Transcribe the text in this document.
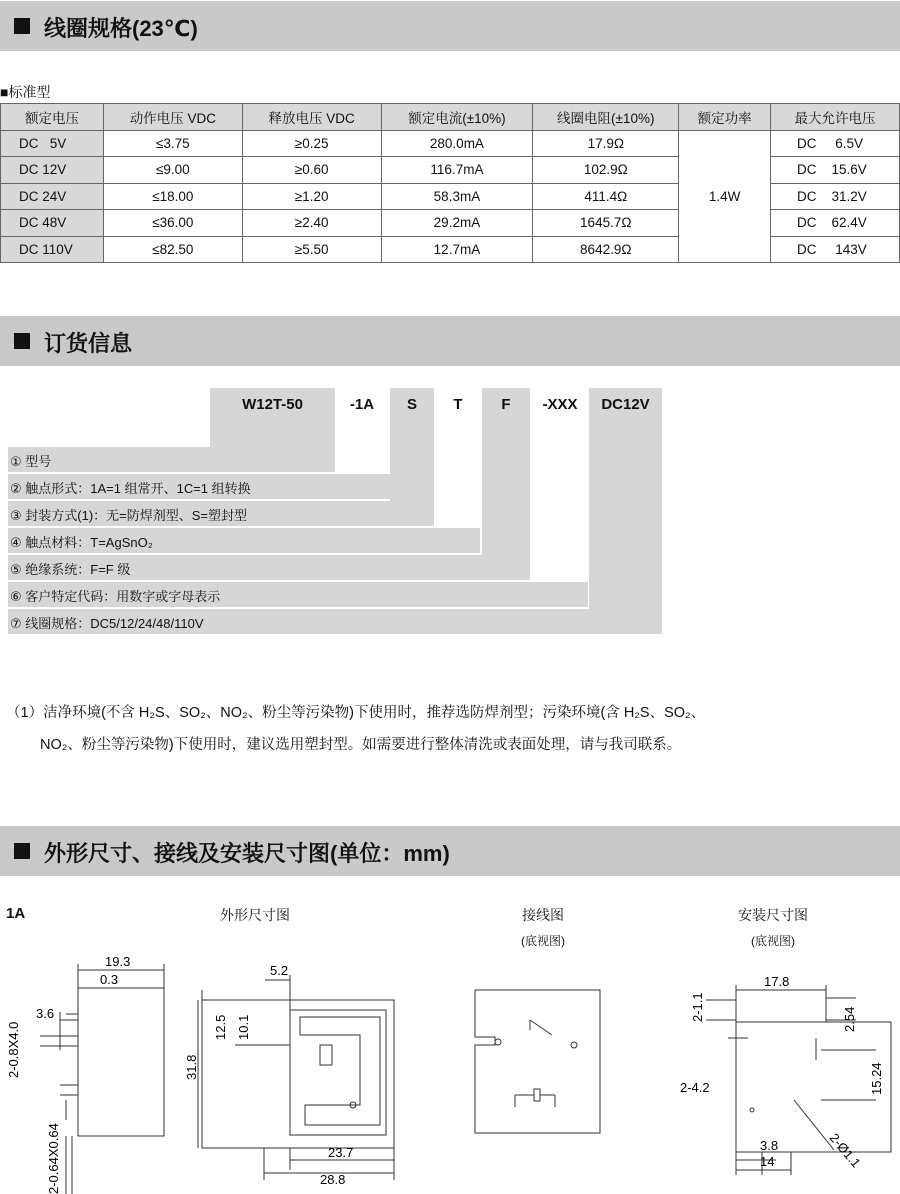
线圈规格(23℃)
■标准型
额定电压	动作电压 VDC	释放电压 VDC	额定电流(±10%)	线圈电阻(±10%)	额定功率	最大允许电压
DC   5V	≤3.75	≥0.25	280.0mA	17.9Ω	1.4W	DC     6.5V
DC 12V	≤9.00	≥0.60	116.7mA	102.9Ω		DC    15.6V
DC 24V	≤18.00	≥1.20	58.3mA	411.4Ω		DC    31.2V
DC 48V	≤36.00	≥2.40	29.2mA	1645.7Ω		DC    62.4V
DC 110V	≤82.50	≥5.50	12.7mA	8642.9Ω		DC     143V
订货信息
W12T-50	-1A	S	T	F	-XXX	DC12V
① 型号
② 触点形式：1A=1 组常开、1C=1 组转换
③ 封装方式(1)：无=防焊剂型、S=塑封型
④ 触点材料：T=AgSnO₂
⑤ 绝缘系统：F=F 级
⑥ 客户特定代码：用数字或字母表示
⑦ 线圈规格：DC5/12/24/48/110V
（1）洁净环境(不含 H₂S、SO₂、NO₂、粉尘等污染物)下使用时，推荐选防焊剂型；污染环境(含 H₂S、SO₂、
NO₂、粉尘等污染物)下使用时，建议选用塑封型。如需要进行整体清洗或表面处理，请与我司联系。
外形尺寸、接线及安装尺寸图(单位：mm)
1A	外形尺寸图	接线图
(底视图)
安装尺寸图
(底视图)
19.3
0.3
3.6
2-0.8X4.0
2-0.64X0.64
5.2
12.5 10.1
31.8
23.7
28.8
17.8
2-1.1	2.54
15.24
2-4.2
3.8
14	2-Ø1.1
